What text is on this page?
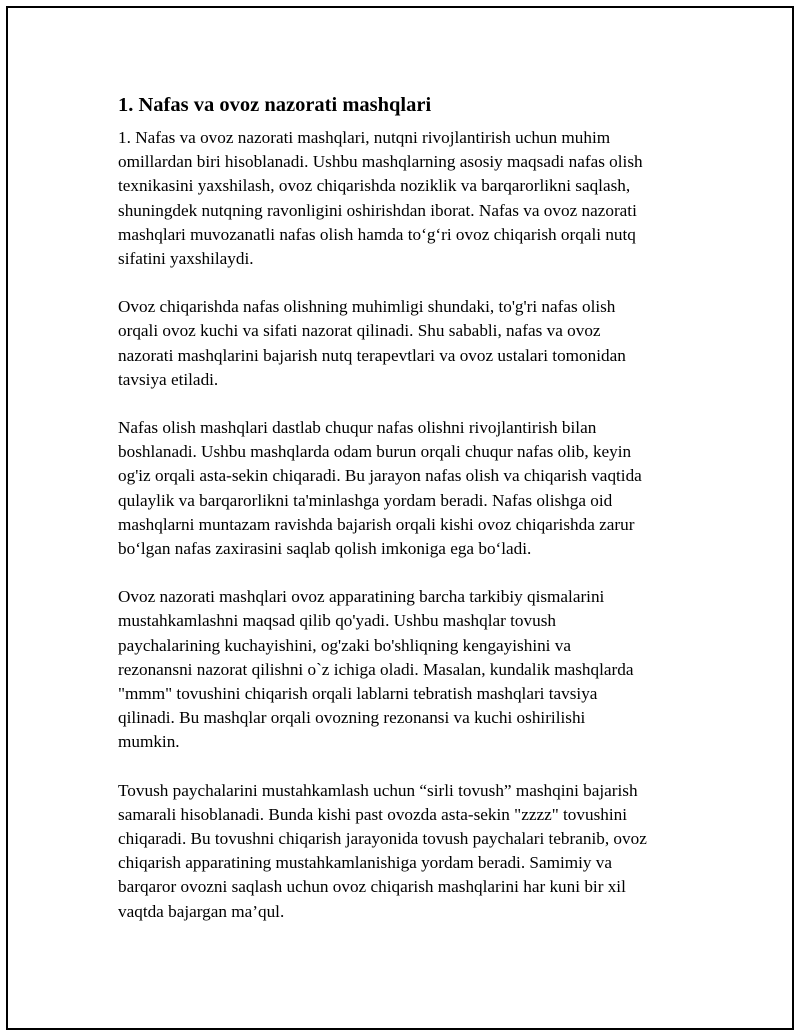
1. Nafas va ovoz nazorati mashqlari
1. Nafas va ovoz nazorati mashqlari, nutqni rivojlantirish uchun muhim
omillardan biri hisoblanadi. Ushbu mashqlarning asosiy maqsadi nafas olish
texnikasini yaxshilash, ovoz chiqarishda noziklik va barqarorlikni saqlash,
shuningdek nutqning ravonligini oshirishdan iborat. Nafas va ovoz nazorati
mashqlari muvozanatli nafas olish hamda to‘g‘ri ovoz chiqarish orqali nutq
sifatini yaxshilaydi.
Ovoz chiqarishda nafas olishning muhimligi shundaki, to'g'ri nafas olish
orqali ovoz kuchi va sifati nazorat qilinadi. Shu sababli, nafas va ovoz
nazorati mashqlarini bajarish nutq terapevtlari va ovoz ustalari tomonidan
tavsiya etiladi.
Nafas olish mashqlari dastlab chuqur nafas olishni rivojlantirish bilan
boshlanadi. Ushbu mashqlarda odam burun orqali chuqur nafas olib, keyin
og'iz orqali asta-sekin chiqaradi. Bu jarayon nafas olish va chiqarish vaqtida
qulaylik va barqarorlikni ta'minlashga yordam beradi. Nafas olishga oid
mashqlarni muntazam ravishda bajarish orqali kishi ovoz chiqarishda zarur
bo‘lgan nafas zaxirasini saqlab qolish imkoniga ega bo‘ladi.
Ovoz nazorati mashqlari ovoz apparatining barcha tarkibiy qismalarini
mustahkamlashni maqsad qilib qo'yadi. Ushbu mashqlar tovush
paychalarining kuchayishini, og'zaki bo'shliqning kengayishini va
rezonansni nazorat qilishni o`z ichiga oladi. Masalan, kundalik mashqlarda
"mmm" tovushini chiqarish orqali lablarni tebratish mashqlari tavsiya
qilinadi. Bu mashqlar orqali ovozning rezonansi va kuchi oshirilishi
mumkin.
Tovush paychalarini mustahkamlash uchun “sirli tovush” mashqini bajarish
samarali hisoblanadi. Bunda kishi past ovozda asta-sekin "zzzz" tovushini
chiqaradi. Bu tovushni chiqarish jarayonida tovush paychalari tebranib, ovoz
chiqarish apparatining mustahkamlanishiga yordam beradi. Samimiy va
barqaror ovozni saqlash uchun ovoz chiqarish mashqlarini har kuni bir xil
vaqtda bajargan ma’qul.
